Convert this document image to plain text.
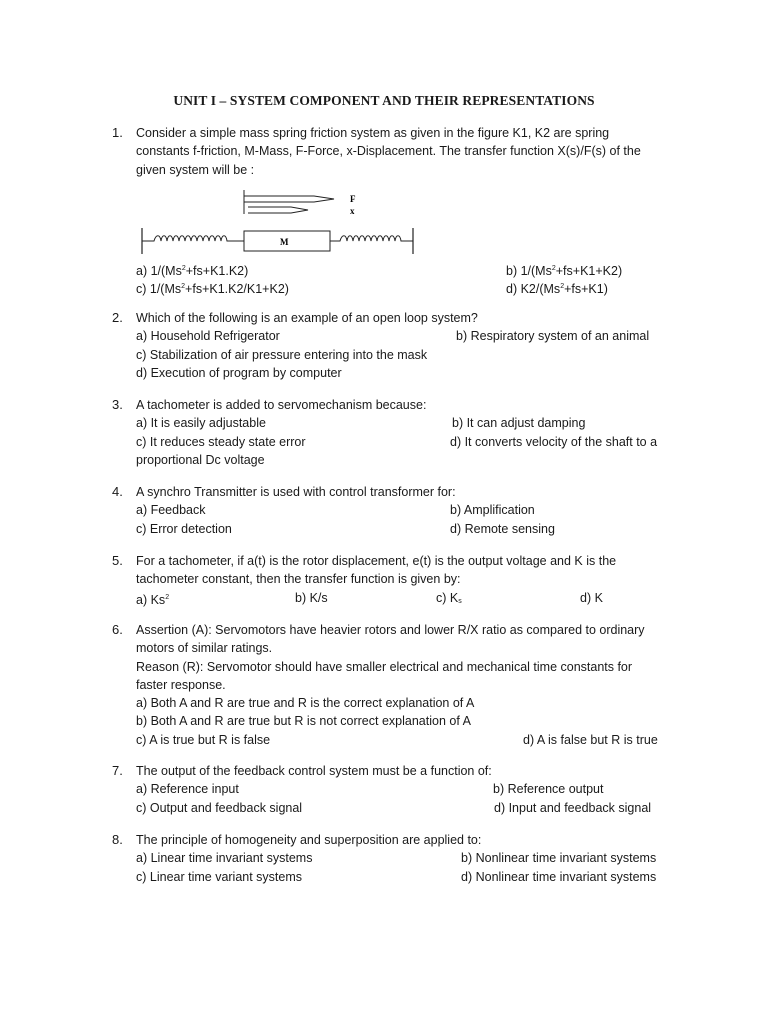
UNIT I – SYSTEM COMPONENT AND THEIR REPRESENTATIONS
1. Consider a simple mass spring friction system as given in the figure K1, K2 are spring
constants f-friction, M-Mass, F-Force, x-Displacement. The transfer function X(s)/F(s) of the
given system will be :
F
x
M
a) $1/(Ms^2+fs+K1.K2)$	b) $1/(Ms^2+fs+K1+K2)$
c) $1/(Ms^2+fs+K1.K2/K1+K2)$	d) $K2/(Ms^2+fs+K1)$
2. Which of the following is an example of an open loop system?
a) Household Refrigerator	b) Respiratory system of an animal
c) Stabilization of air pressure entering into the mask
d) Execution of program by computer
3. A tachometer is added to servomechanism because:
a) It is easily adjustable	b) It can adjust damping
c) It reduces steady state error	d) It converts velocity of the shaft to a
proportional Dc voltage
4. A synchro Transmitter is used with control transformer for:
a) Feedback	b) Amplification
c) Error detection	d) Remote sensing
5. For a tachometer, if a(t) is the rotor displacement, e(t) is the output voltage and K is the
tachometer constant, then the transfer function is given by:
a) Ks$^2$	b) K/s	c) $K_s$	d) K
6. Assertion (A): Servomotors have heavier rotors and lower R/X ratio as compared to ordinary
motors of similar ratings.
Reason (R): Servomotor should have smaller electrical and mechanical time constants for
faster response.
a) Both A and R are true and R is the correct explanation of A
b) Both A and R are true but R is not correct explanation of A
c) A is true but R is false	d) A is false but R is true
7. The output of the feedback control system must be a function of:
a) Reference input	b) Reference output
c) Output and feedback signal	d) Input and feedback signal
8. The principle of homogeneity and superposition are applied to:
a) Linear time invariant systems	b) Nonlinear time invariant systems
c) Linear time variant systems	d) Nonlinear time invariant systems
